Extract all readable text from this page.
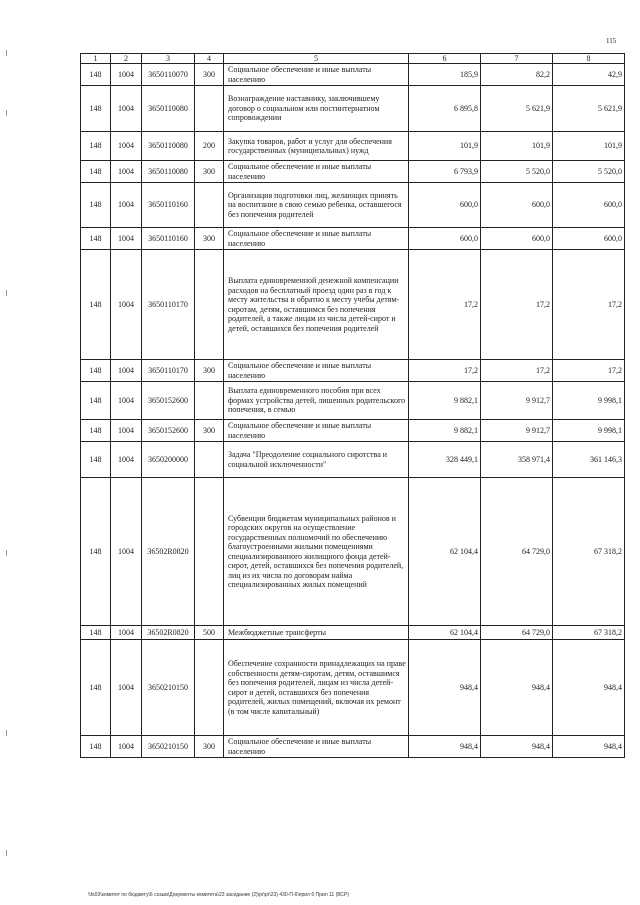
115
1	2	3	4	5	6	7	8
148	1004	3650110070	300	Социальное обеспечение и иные выплаты населению	185,9	82,2	42,9
148	1004	3650110080		Вознаграждение наставнику, заключившему договор о социальном или постинтернатном сопровождении	6 895,8	5 621,9	5 621,9
148	1004	3650110080	200	Закупка товаров, работ и услуг для обеспечения государственных (муниципальных) нужд	101,9	101,9	101,9
148	1004	3650110080	300	Социальное обеспечение и иные выплаты населению	6 793,9	5 520,0	5 520,0
148	1004	3650110160		Организация подготовки лиц, желающих принять на воспитание в свою семью ребенка, оставшегося без попечения родителей	600,0	600,0	600,0
148	1004	3650110160	300	Социальное обеспечение и иные выплаты населению	600,0	600,0	600,0
148	1004	3650110170		Выплата единовременной денежной компенсации расходов на бесплатный проезд один раз в год к месту жительства и обратно к месту учебы детям-сиротам, детям, оставшимся без попечения родителей, а также лицам из числа детей-сирот и детей, оставшихся без попечения родителей	17,2	17,2	17,2
148	1004	3650110170	300	Социальное обеспечение и иные выплаты населению	17,2	17,2	17,2
148	1004	3650152600		Выплата единовременного пособия при всех формах устройства детей, лишенных родительского попечения, в семью	9 882,1	9 912,7	9 998,1
148	1004	3650152600	300	Социальное обеспечение и иные выплаты населению	9 882,1	9 912,7	9 998,1
148	1004	3650200000		Задача "Преодоление социального сиротства и социальной исключенности"	328 449,1	358 971,4	361 146,3
148	1004	36502R0820		Субвенции бюджетам муниципальных районов и городских округов на осуществление государственных полномочий по обеспечению благоустроенными жилыми помещениями специализированного жилищного фонда детей-сирот, детей, оставшихся без попечения родителей, лиц из их числа по договорам найма специализированных жилых помещений	62 104,4	64 729,0	67 318,2
148	1004	36502R0820	500	Межбюджетные трансферты	62 104,4	64 729,0	67 318,2
148	1004	3650210150		Обеспечение сохранности принадлежащих на праве собственности детям-сиротам, детям, оставшимся без попечения родителей, лицам из числа детей-сирот и детей, оставшихся без попечения родителей, жилых помещений, включая их ремонт (в том числе капитальный)	948,4	948,4	948,4
148	1004	3650210150	300	Социальное обеспечение и иные выплаты населению	948,4	948,4	948,4
\\fs03\комитет по бюджету\6 созыв\Документы комитета\23 заседание (2)\pr\pr\23) 430-П-6\прил 6 Прил 11 (ВСР)
